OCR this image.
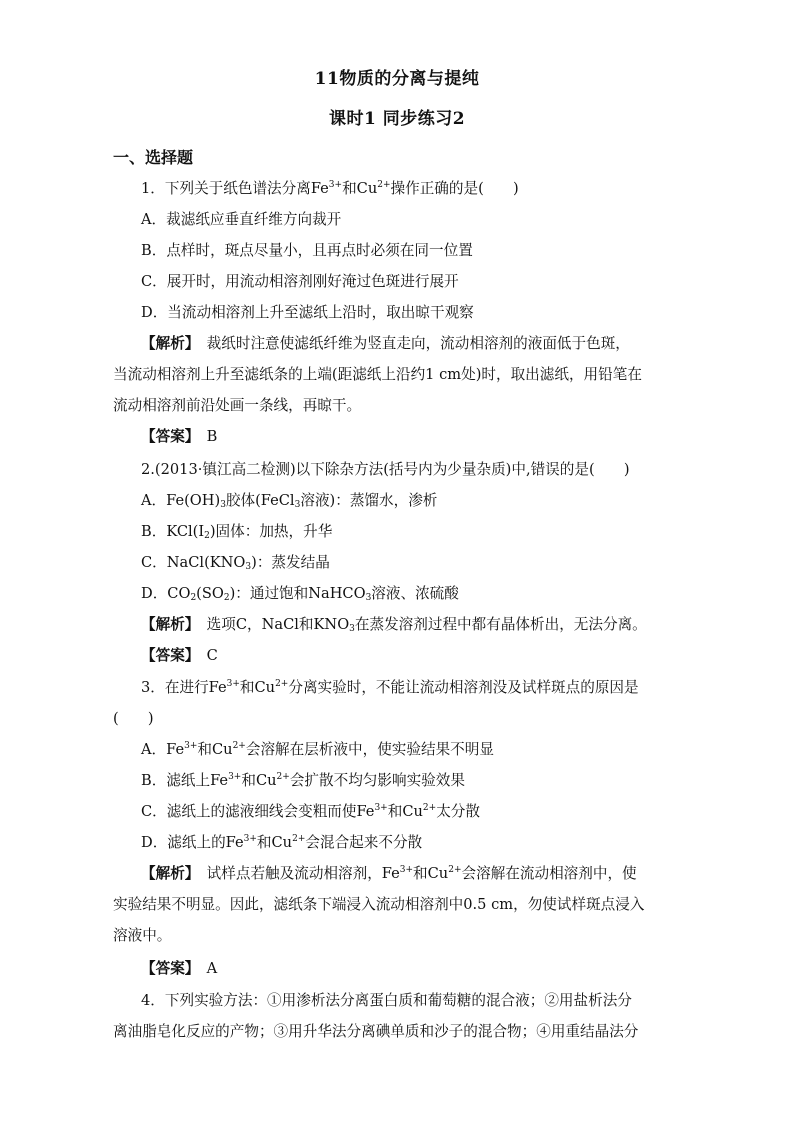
11物质的分离与提纯
课时1 同步练习2
一、选择题
1．下列关于纸色谱法分离$Fe^{3+}$和$Cu^{2+}$操作正确的是(　　)
A．裁滤纸应垂直纤维方向裁开
B．点样时，斑点尽量小，且再点时必须在同一位置
C．展开时，用流动相溶剂刚好淹过色斑进行展开
D．当流动相溶剂上升至滤纸上沿时，取出晾干观察
【解析】　裁纸时注意使滤纸纤维为竖直走向，流动相溶剂的液面低于色斑，
当流动相溶剂上升至滤纸条的上端(距滤纸上沿约1 cm处)时，取出滤纸，用铅笔在
流动相溶剂前沿处画一条线，再晾干。
【答案】　B
2.(2013·镇江高二检测)以下除杂方法(括号内为少量杂质)中,错误的是(　　)
A．$Fe(OH)_3$胶体(FeCl$_3$溶液)：蒸馏水，渗析
B．$KCl(I_2)$固体：加热，升华
C．$NaCl(KNO_3)$：蒸发结晶
D．$CO_2(SO_2)$：通过饱和NaHCO$_3$溶液、浓硫酸
【解析】　选项C，NaCl和$KNO_3$在蒸发溶剂过程中都有晶体析出，无法分离。
【答案】　C
3．在进行$Fe^{3+}$和$Cu^{2+}$分离实验时，不能让流动相溶剂没及试样斑点的原因是
(　　)
A．$Fe^{3+}$和$Cu^{2+}$会溶解在层析液中，使实验结果不明显
B．滤纸上$Fe^{3+}$和$Cu^{2+}$会扩散不均匀影响实验效果
C．滤纸上的滤液细线会变粗而使$Fe^{3+}$和$Cu^{2+}$太分散
D．滤纸上的$Fe^{3+}$和$Cu^{2+}$会混合起来不分散
【解析】　试样点若触及流动相溶剂，$Fe^{3+}$和$Cu^{2+}$会溶解在流动相溶剂中，使
实验结果不明显。因此，滤纸条下端浸入流动相溶剂中0.5 cm，勿使试样斑点浸入
溶液中。
【答案】　A
4．下列实验方法：①用渗析法分离蛋白质和葡萄糖的混合液；②用盐析法分
离油脂皂化反应的产物；③用升华法分离碘单质和沙子的混合物；④用重结晶法分
